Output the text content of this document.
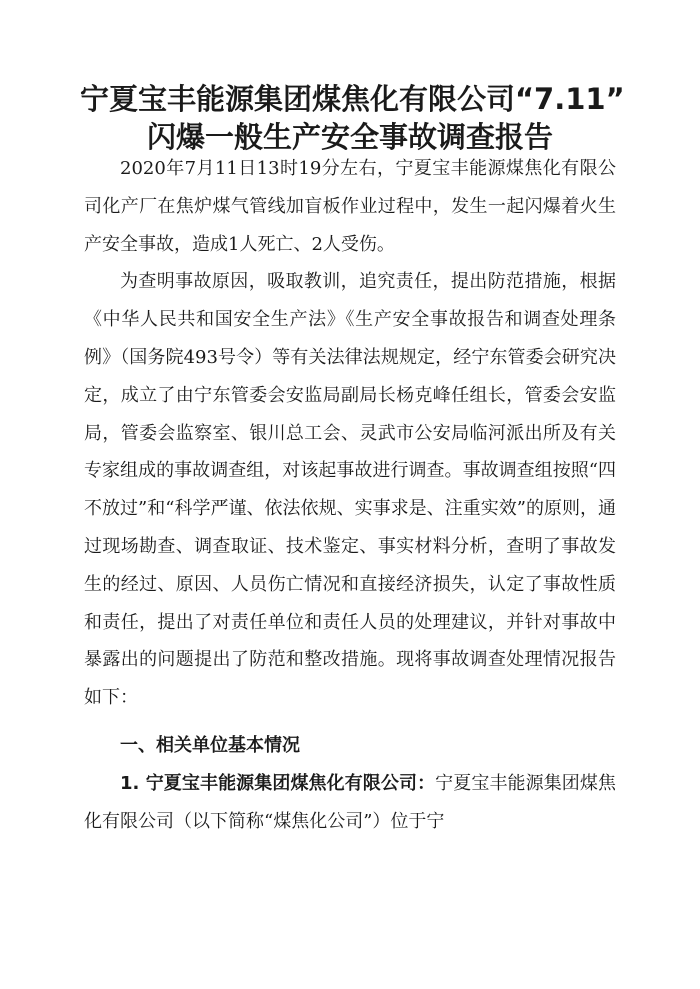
宁夏宝丰能源集团煤焦化有限公司“7.11”
闪爆一般生产安全事故调查报告

2020年7月11日13时19分左右，宁夏宝丰能源煤焦化有限公司化产厂在焦炉煤气管线加盲板作业过程中，发生一起闪爆着火生产安全事故，造成1人死亡、2人受伤。

为查明事故原因，吸取教训，追究责任，提出防范措施，根据《中华人民共和国安全生产法》《生产安全事故报告和调查处理条例》（国务院493号令）等有关法律法规规定，经宁东管委会研究决定，成立了由宁东管委会安监局副局长杨克峰任组长，管委会安监局，管委会监察室、银川总工会、灵武市公安局临河派出所及有关专家组成的事故调查组，对该起事故进行调查。事故调查组按照“四不放过”和“科学严谨、依法依规、实事求是、注重实效”的原则，通过现场勘查、调查取证、技术鉴定、事实材料分析，查明了事故发生的经过、原因、人员伤亡情况和直接经济损失，认定了事故性质和责任，提出了对责任单位和责任人员的处理建议，并针对事故中暴露出的问题提出了防范和整改措施。现将事故调查处理情况报告如下：

一、相关单位基本情况

1. 宁夏宝丰能源集团煤焦化有限公司：宁夏宝丰能源集团煤焦化有限公司（以下简称“煤焦化公司”）位于宁
